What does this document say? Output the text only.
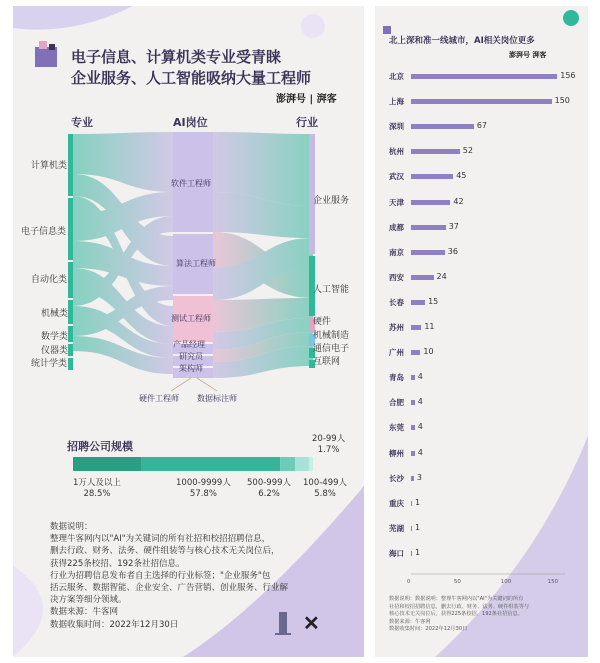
电子信息、计算机类专业受青睐
企业服务、人工智能吸纳大量工程师
澎湃号 | 湃客
专业	AI岗位	行业
计算机类
电子信息类
自动化类
机械类
数学类
仪器类
统计学类
软件工程师
算法工程师
测试工程师
产品经理
研究员
架构师
硬件工程师 数据标注师
企业服务
人工智能
硬件
机械制造
通信电子
互联网
招聘公司规模
1万人及以上
28.5%
1000-9999人
57.8%
500-999人
6.2%
20-99人
1.7%
100-499人
5.8%

数据说明：

整理牛客网内以"AI"为关键词的所有社招和校招招聘信息，

删去行政、财务、法务、硬件组装等与核心技术无关岗位后，

获得225条校招、192条社招信息。

行业为招聘信息发布者自主选择的行业标签；"企业服务"包

括云服务、数据智能、企业安全、广告营销、创业服务、行业解

决方案等细分领域。

数据来源：牛客网

数据收集时间：2022年12月30日	✕
北上深和准一线城市，AI相关岗位更多
澎湃号 湃客
北京	156
上海	150
深圳	67
杭州	52
武汉	45
天津	42
成都	37
南京	36
西安	24
长春	15
苏州	11
广州 10
青岛 4
合肥 4
东莞 4
柳州 4
长沙 3
重庆 1
芜湖 1
海口 1
0	50	100	150

数据说明：数据说明：整理牛客网内以"AI"为关键词的所有

社招和校招招聘信息，删去行政、财务、法务、硬件组装等与

核心技术无关岗位后，获得225条校招、192条社招信息。

数据来源：牛客网

数据收集时间：2022年12月30日
